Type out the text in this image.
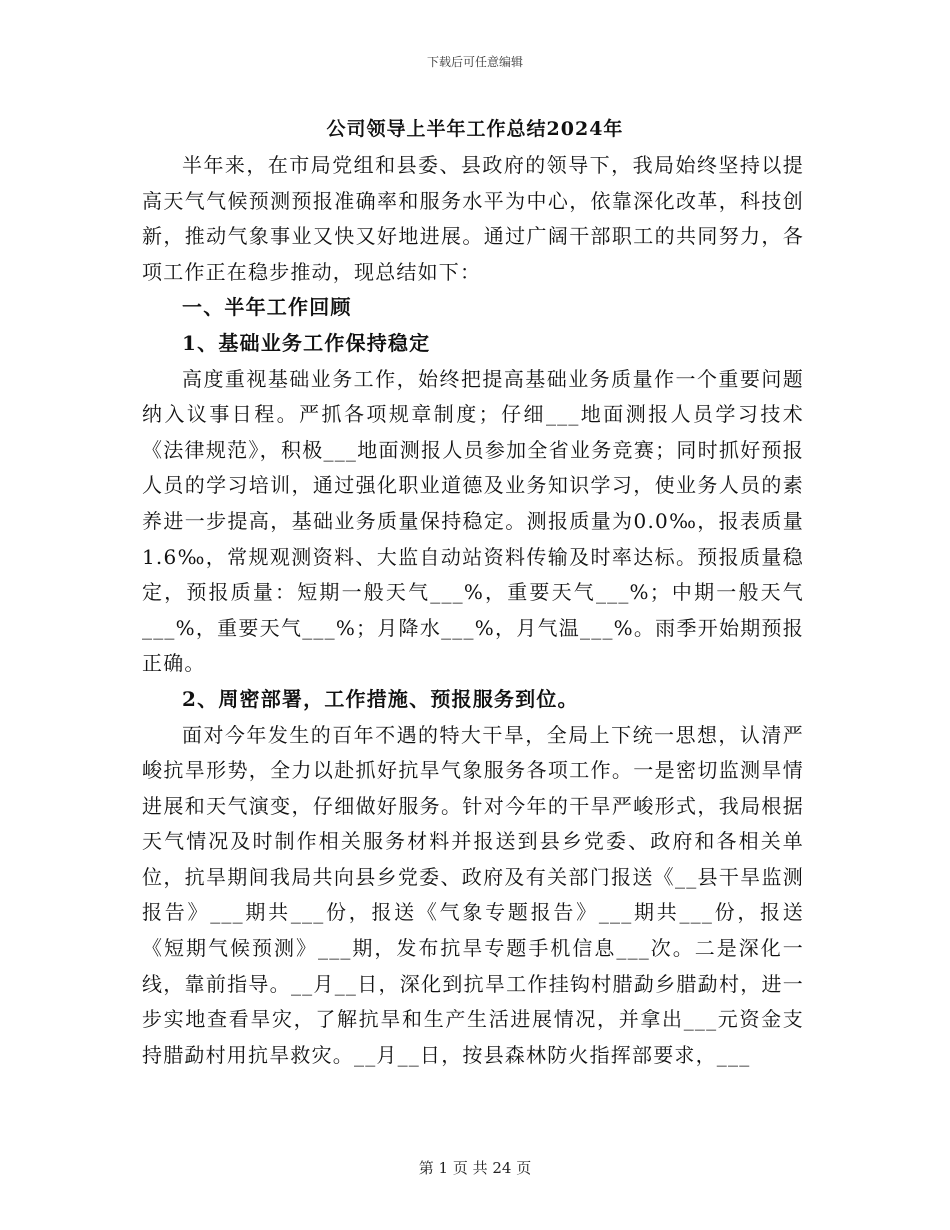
下载后可任意编辑
公司领导上半年工作总结2024年

半年来，在市局党组和县委、县政府的领导下，我局始终坚持以提高天气气候预测预报准确率和服务水平为中心，依靠深化改革，科技创新，推动气象事业又快又好地进展。通过广阔干部职工的共同努力，各项工作正在稳步推动，现总结如下：

一、半年工作回顾

1、基础业务工作保持稳定

高度重视基础业务工作，始终把提高基础业务质量作一个重要问题纳入议事日程。严抓各项规章制度；仔细___地面测报人员学习技术《法律规范》，积极___地面测报人员参加全省业务竞赛；同时抓好预报人员的学习培训，通过强化职业道德及业务知识学习，使业务人员的素养进一步提高，基础业务质量保持稳定。测报质量为0.0‰，报表质量1.6‰，常规观测资料、大监自动站资料传输及时率达标。预报质量稳定，预报质量：短期一般天气___%，重要天气___%；中期一般天气___%，重要天气___%；月降水___%，月气温___%。雨季开始期预报正确。

2、周密部署，工作措施、预报服务到位。

面对今年发生的百年不遇的特大干旱，全局上下统一思想，认清严峻抗旱形势，全力以赴抓好抗旱气象服务各项工作。一是密切监测旱情进展和天气演变，仔细做好服务。针对今年的干旱严峻形式，我局根据天气情况及时制作相关服务材料并报送到县乡党委、政府和各相关单位，抗旱期间我局共向县乡党委、政府及有关部门报送《__县干旱监测报告》___期共___份，报送《气象专题报告》___期共___份，报送《短期气候预测》___期，发布抗旱专题手机信息___次。二是深化一线，靠前指导。__月__日，深化到抗旱工作挂钩村腊勐乡腊勐村，进一步实地查看旱灾，了解抗旱和生产生活进展情况，并拿出___元资金支持腊勐村用抗旱救灾。__月__日，按县森林防火指挥部要求，___

第 1 页 共 24 页
